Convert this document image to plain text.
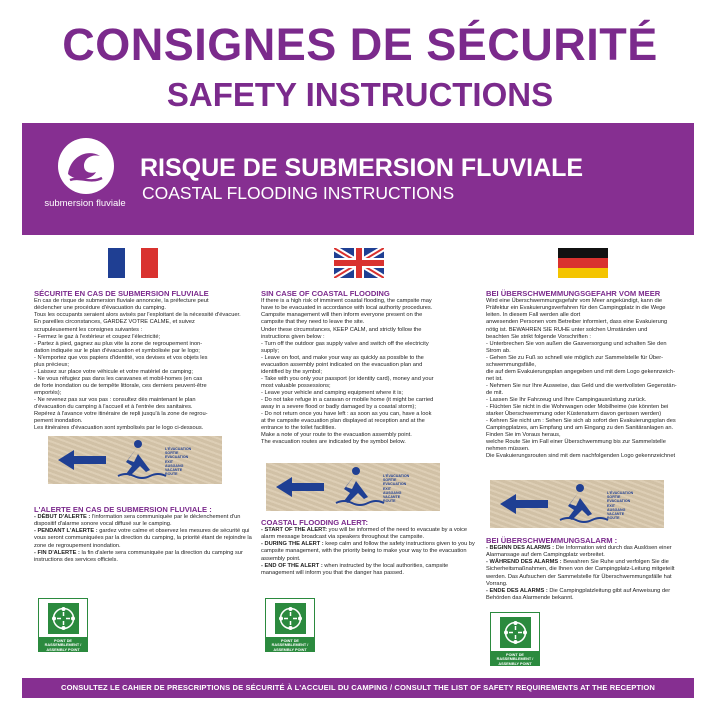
CONSIGNES DE SÉCURITÉ
SAFETY INSTRUCTIONS
submersion fluviale
RISQUE DE SUBMERSION FLUVIALE
COASTAL FLOODING INSTRUCTIONS
SÉCURITE EN CAS DE SUBMERSION FLUVIALE

En cas de risque de submersion fluviale annoncée, la préfecture peut

déclencher une procédure d'évacuation du camping.

Tous les occupants seraient alors avisés par l'exploitant de la nécessité d'évacuer.

En pareilles circonstances, GARDEZ VOTRE CALME, et suivez

scrupuleusement les consignes suivantes :

- Fermez le gaz à l'extérieur et coupez l'électricité;

- Partez à pied, gagnez au plus vite la zone de regroupement inon-

dation indiquée sur le plan d'évacuation et symbolisée par le logo;

- N'emportez que vos papiers d'identité, vos devises et vos objets les

plus précieux;

- Laissez sur place votre véhicule et votre matériel de camping;

- Ne vous réfugiez pas dans les caravanes et mobil-homes (en cas

de forte inondation ou de tempête littorale, ces derniers peuvent-être

emportés);

- Ne revenez pas sur vos pas : consultez dès maintenant le plan

d'évacuation du camping à l'accueil et à l'entrée des sanitaires.

Repérez à l'avance votre itinéraire de repli jusqu'à la zone de regrou-

pement inondation.

Les itinéraires d'évacuation sont symbolisés par le logo ci-dessous.

L'ÉVACUATION
SORTIE
EVACUATION
EXIT
AUSGANG
VACANTE
ROUTE
L'ALERTE EN CAS DE SUBMERSION FLUVIALE :

- DÉBUT D'ALERTE : l'information sera communiquée par le déclenchement d'un dispositif d'alarme sonore vocal diffusé sur le camping.

- PENDANT L'ALERTE : gardez votre calme et observez les mesures de sécurité qui vous seront communiquées par la direction du camping, la priorité étant de rejoindre la zone de regroupement inondation.

- FIN D'ALERTE : la fin d'alerte sera communiquée par la direction du camping sur instructions des services officiels.

POINT DE RASSEMBLEMENT / ASSEMBLY POINT
SIN CASE OF COASTAL FLOODING

If there is a high risk of imminent coastal flooding, the campsite may

have to be evacuated in accordance with local authority procedures.

Campsite management will then inform everyone present on the

campsite that they need to leave the site.

Under these circumstances, KEEP CALM, and strictly follow the

instructions given below :

- Turn off the outdoor gas supply valve and switch off the electricity

supply;

- Leave on foot, and make your way as quickly as possible to the

evacuation assembly point indicated on the evacuation plan and

identified by the symbol;

- Take with you only your passport (or identity card), money and your

most valuable possessions;

- Leave your vehicle and camping equipment where it is;

- Do not take refuge in a caravan or mobile home (it might be carried

away in a severe flood or badly damaged by a coastal storm);

- Do not return once you have left : as soon as you can, have a look

at the campsite evacuation plan displayed at reception and at the

entrance to the toilet facilities.

Make a note of your route to the evacuation assembly point.

The evacuation routes are indicated by the symbol below.

L'ÉVACUATION
SORTIE
EVACUATION
EXIT
AUSGANG
VACANTE
ROUTE
COASTAL FLOODING ALERT:

- START OF THE ALERT: you will be informed of the need to evacuate by a voice alarm message broadcast via speakers throughout the campsite.

- DURING THE ALERT : keep calm and follow the safety instructions given to you by campsite management, with the priority being to make your way to the evacuation assembly point.

- END OF THE ALERT : when instructed by the local authorities, campsite management will inform you that the danger has passed.

POINT DE RASSEMBLEMENT / ASSEMBLY POINT
BEI ÜBERSCHWEMMUNGSGEFAHR VOM MEER

Wird eine Überschwemmungsgefahr vom Meer angekündigt, kann die

Präfektur ein Evakuierungsverfahren für den Campingplatz in die Wege

leiten. In diesem Fall werden alle dort

anwesenden Personen vom Betreiber informiert, dass eine Evakuierung

nötig ist. BEWAHREN SIE RUHE unter solchen Umständen und

beachten Sie strikt folgende Vorschriften :

- Unterbrechen Sie von außen die Gasversorgung und schalten Sie den

Strom ab.

- Gehen Sie zu Fuß so schnell wie möglich zur Sammelstelle für Über-

schwemmungsfälle,

die auf dem Evakuierungsplan angegeben und mit dem Logo gekennzeich-

net ist.

- Nehmen Sie nur Ihre Ausweise, das Geld und die wertvollsten Gegenstän-

de mit.

- Lassen Sie Ihr Fahrzeug und Ihre Campingausrüstung zurück.

- Flüchten Sie nicht in die Wohnwagen oder Mobilheime (sie könnten bei

starker Überschwemmung oder Küstensturm davon gerissen werden)

- Kehren Sie nicht um : Sehen Sie sich ab sofort den Evakuierungsplan des

Campingplatzes, am Empfang und am Eingang zu den Sanitäranlagen an.

Finden Sie im Voraus heraus,

welche Route Sie im Fall einer Überschwemmung bis zur Sammelstelle

nehmen müssen.

Die Evakuierungsrouten sind mit dem nachfolgenden Logo gekennzeichnet

L'ÉVACUATION
SORTIE
EVACUATION
EXIT
AUSGANG
VACANTE
ROUTE
BEI ÜBERSCHWEMMUNGSALARM :

- BEGINN DES ALARMS : Die Information wird durch das Auslösen einer Alarmansage auf dem Campingplatz verbreitet.

- WÄHREND DES ALARMS : Bewahren Sie Ruhe und verfolgen Sie die Sicherheitsmaßnahmen, die Ihnen von der Campingplatz-Leitung mitgeteilt werden. Das Aufsuchen der Sammelstelle für Überschwemmungsfälle hat Vorrang.

- ENDE DES ALARMS : Die Campingplatzleitung gibt auf Anweisung der Behörden das Alarmende bekannt.

POINT DE RASSEMBLEMENT / ASSEMBLY POINT
CONSULTEZ LE CAHIER DE PRESCRIPTIONS DE SÉCURITÉ À L'ACCUEIL DU CAMPING / CONSULT THE LIST OF SAFETY REQUIREMENTS AT THE RECEPTION
